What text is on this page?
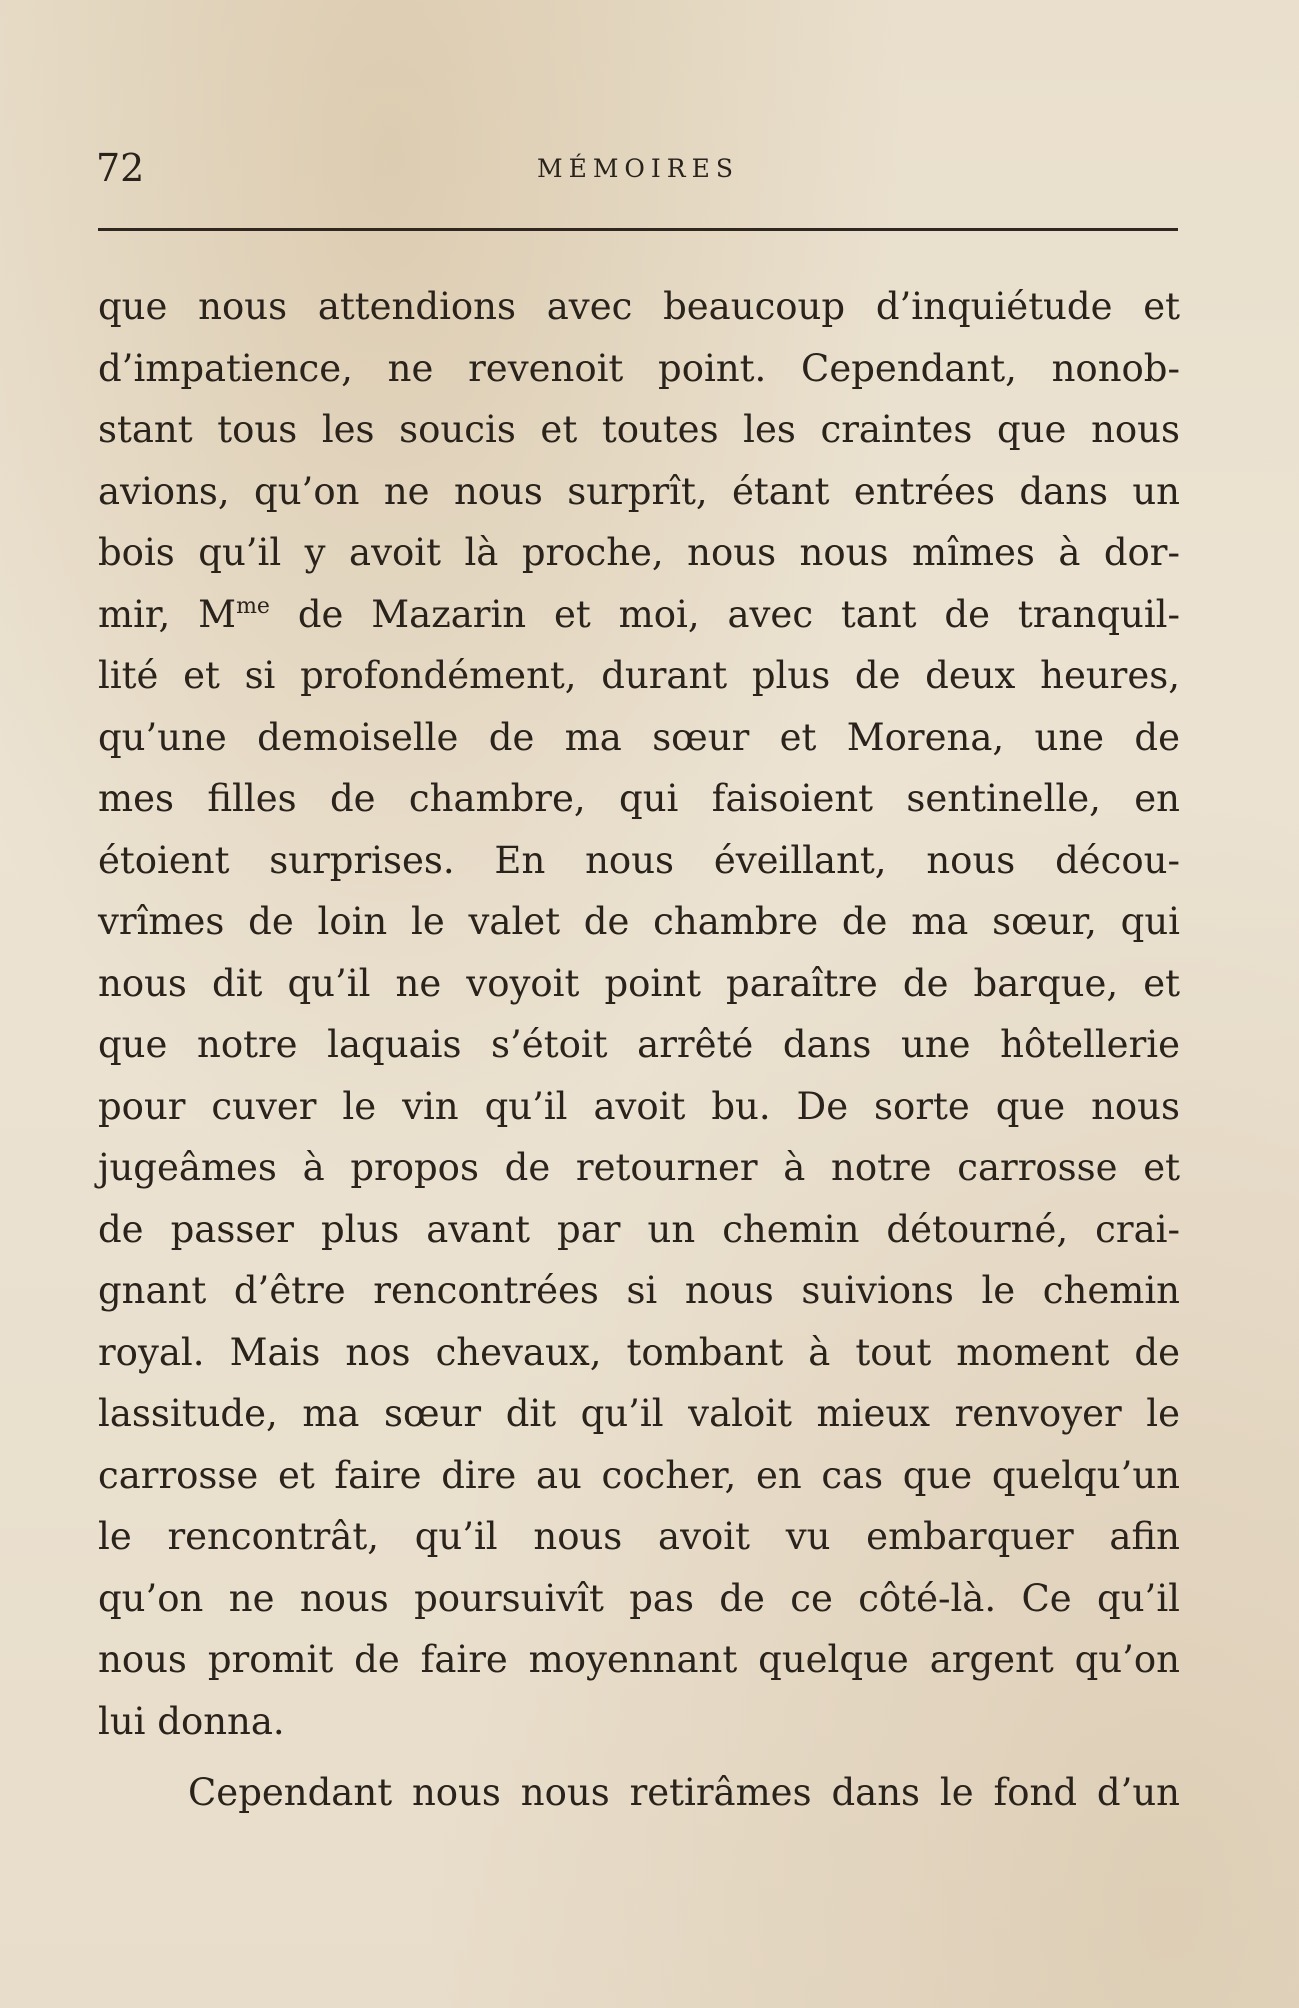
72	MÉMOIRES
que nous attendions avec beaucoup d’inquiétude et
d’impatience, ne revenoit point. Cependant, nonob-
stant tous les soucis et toutes les craintes que nous
avions, qu’on ne nous surprît, étant entrées dans un
bois qu’il y avoit là proche, nous nous mîmes à dor-
mir, $M^{me}$ de Mazarin et moi, avec tant de tranquil-
lité et si profondément, durant plus de deux heures,
qu’une demoiselle de ma sœur et Morena, une de
mes filles de chambre, qui faisoient sentinelle, en
étoient surprises. En nous éveillant, nous décou-
vrîmes de loin le valet de chambre de ma sœur, qui
nous dit qu’il ne voyoit point paraître de barque, et
que notre laquais s’étoit arrêté dans une hôtellerie
pour cuver le vin qu’il avoit bu. De sorte que nous
jugeâmes à propos de retourner à notre carrosse et
de passer plus avant par un chemin détourné, crai-
gnant d’être rencontrées si nous suivions le chemin
royal. Mais nos chevaux, tombant à tout moment de
lassitude, ma sœur dit qu’il valoit mieux renvoyer le
carrosse et faire dire au cocher, en cas que quelqu’un
le rencontrât, qu’il nous avoit vu embarquer afin
qu’on ne nous poursuivît pas de ce côté-là. Ce qu’il
nous promit de faire moyennant quelque argent qu’on
lui donna.
Cependant nous nous retirâmes dans le fond d’un
